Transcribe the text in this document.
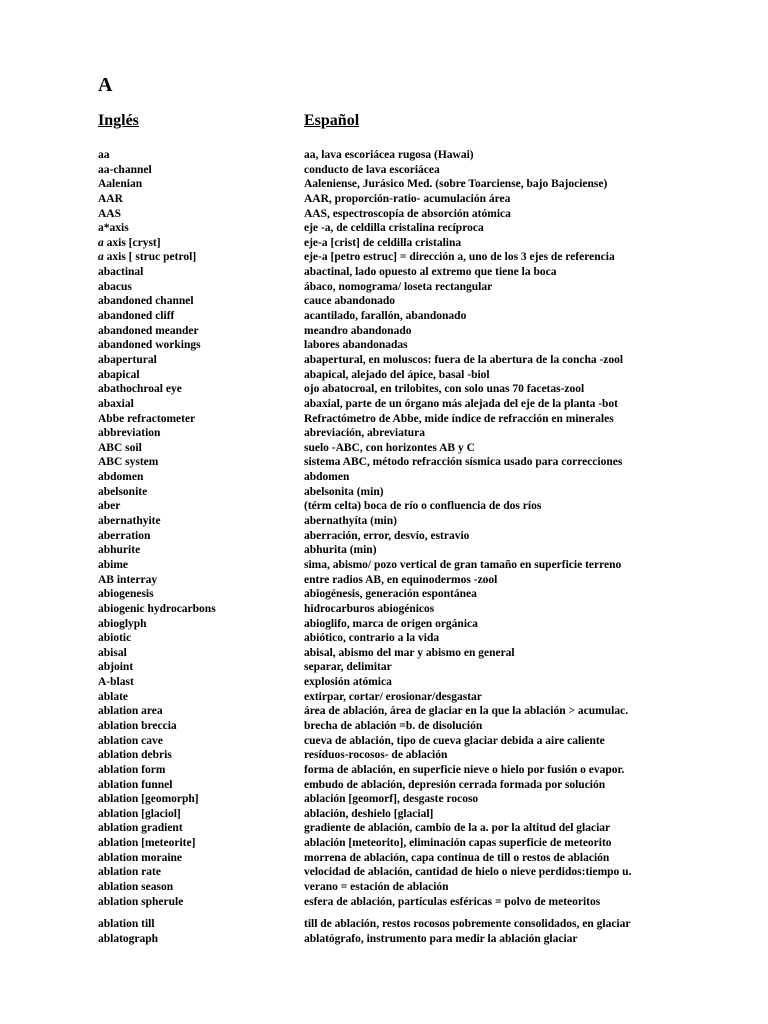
A
Inglés	Español
aa	aa, lava escoriácea rugosa (Hawai)
aa-channel	conducto de lava escoriácea
Aalenian	Aaleniense, Jurásico Med. (sobre Toarciense, bajo Bajociense)
AAR	AAR, proporción-ratio- acumulación área
AAS	AAS, espectroscopía de absorción atómica
a*axis	eje -a, de celdilla cristalina recíproca
a axis [cryst]	eje-a [crist] de celdilla cristalina
a axis [ struc petrol]	eje-a [petro estruc] = dirección a, uno de los 3 ejes de referencia
abactinal	abactinal, lado opuesto al extremo que tiene la boca
abacus	ábaco, nomograma/ loseta rectangular
abandoned channel	cauce abandonado
abandoned cliff	acantilado, farallón, abandonado
abandoned meander	meandro abandonado
abandoned workings	labores abandonadas
abapertural	abapertural, en moluscos: fuera de la abertura de la concha -zool
abapical	abapical, alejado del ápice, basal -biol
abathochroal eye	ojo abatocroal, en trilobites, con solo unas 70 facetas-zool
abaxial	abaxial, parte de un órgano más alejada del eje de la planta -bot
Abbe refractometer	Refractómetro de Abbe, mide índice de refracción en minerales
abbreviation	abreviación, abreviatura
ABC soil	suelo -ABC, con horizontes AB y C
ABC system	sistema ABC, método refracción sísmica usado para correcciones
abdomen	abdomen
abelsonite	abelsonita (min)
aber	(térm celta) boca de río o confluencia de dos ríos
abernathyite	abernathyíta (min)
aberration	aberración, error, desvío, estravio
abhurite	abhurita (min)
abime	sima, abismo/ pozo vertical de gran tamaño en superficie terreno
AB interray	entre radios AB, en equinodermos -zool
abiogenesis	abiogénesis, generación espontánea
abiogenic hydrocarbons	hidrocarburos abiogénicos
abioglyph	abioglifo, marca de origen orgánica
abiotic	abiótico, contrario a la vida
abisal	abisal, abismo del mar y abismo en general
abjoint	separar, delimitar
A-blast	explosión atómica
ablate	extirpar, cortar/ erosionar/desgastar
ablation area	área de ablación, área de glaciar en la que la ablación > acumulac.
ablation breccia	brecha de ablación =b. de disolución
ablation cave	cueva de ablación, tipo de cueva glaciar debida a aire caliente
ablation debris	resíduos-rocosos- de ablación
ablation form	forma de ablación, en superficie nieve o hielo por fusión o evapor.
ablation funnel	embudo de ablación, depresión cerrada formada por solución
ablation [geomorph]	ablación [geomorf], desgaste rocoso
ablation [glaciol]	ablación, deshielo [glacial]
ablation gradient	gradiente de ablación, cambio de la a. por la altitud del glaciar
ablation [meteorite]	ablación [meteorito], eliminación capas superficie de meteorito
ablation moraine	morrena de ablación, capa continua de till o restos de ablación
ablation rate	velocidad de ablación, cantidad de hielo o nieve perdidos:tiempo u.
ablation season	verano = estación de ablación
ablation spherule	esfera de ablación, partículas esféricas = polvo de meteoritos
ablation till	till de ablación, restos rocosos pobremente consolidados, en glaciar
ablatograph	ablatógrafo, instrumento para medir la ablación glaciar
